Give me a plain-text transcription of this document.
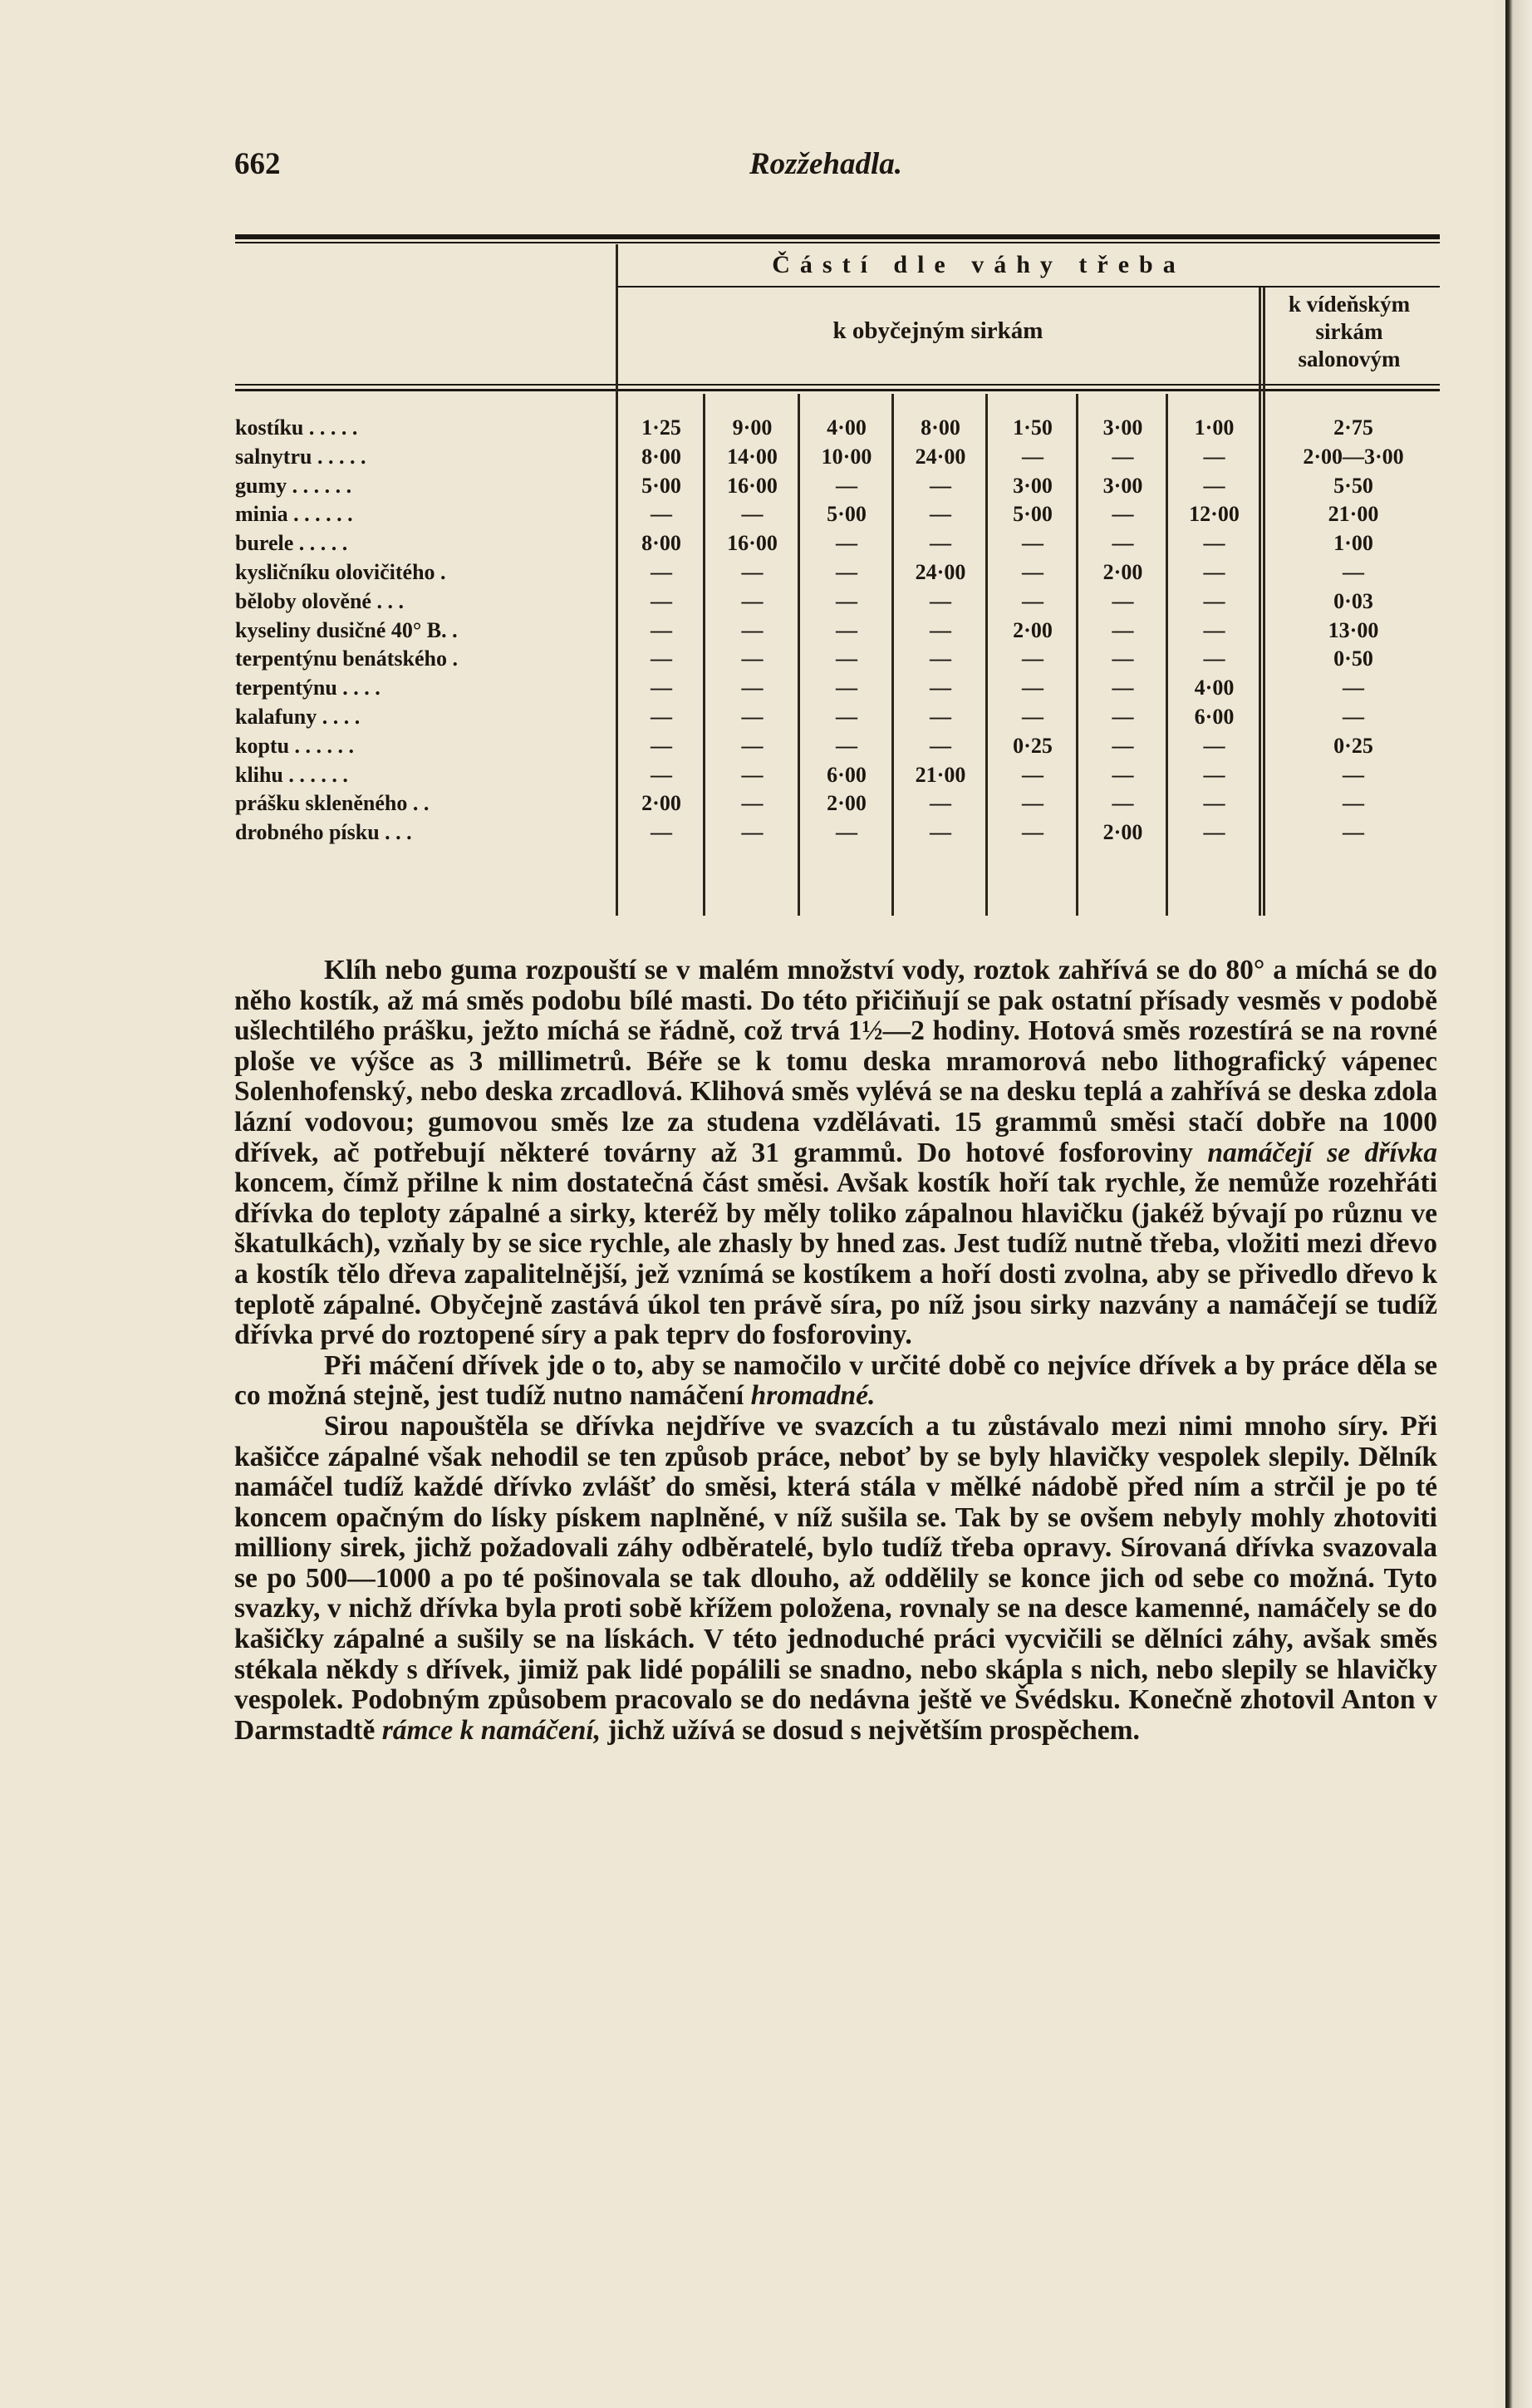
662	Rozžehadla.
Částí dle váhy třeba
k obyčejným sirkám
k vídeňským
sirkám
salonovým
kostíku . . . . .	1·25	9·00	4·00	8·00	1·50	3·00	1·00	2·75
salnytru . . . . .	8·00	14·00	10·00	24·00	—	—	—	2·00—3·00
gumy . . . . . .	5·00	16·00	—	—	3·00	3·00	—	5·50
minia . . . . . .	—	—	5·00	—	5·00	—	12·00	21·00
burele . . . . .	8·00	16·00	—	—	—	—	—	1·00
kysličníku olovičitého .	—	—	—	24·00	—	2·00	—	—
běloby olověné . . .	—	—	—	—	—	—	—	0·03
kyseliny dusičné 40° B. .	—	—	—	—	2·00	—	—	13·00
terpentýnu benátského .	—	—	—	—	—	—	—	0·50
terpentýnu . . . .	—	—	—	—	—	—	4·00	—
kalafuny . . . .	—	—	—	—	—	—	6·00	—
koptu . . . . . .	—	—	—	—	0·25	—	—	0·25
klihu . . . . . .	—	—	6·00	21·00	—	—	—	—
prášku skleněného . .	2·00	—	2·00	—	—	—	—	—
drobného písku . . .	—	—	—	—	—	2·00	—	—

Klíh nebo guma rozpouští se v malém množství vody, roztok zahřívá se do 80° a míchá se do něho kostík, až má směs podobu bílé masti. Do této přičiňují se pak ostatní přísady vesměs v podobě ušlechtilého prášku, ježto míchá se řádně, což trvá 1½—2 hodiny. Hotová směs rozestírá se na rovné ploše ve výšce as 3 millimetrů. Béře se k tomu deska mramorová nebo lithografický vápenec Solenhofenský, nebo deska zrcadlová. Klihová směs vylévá se na desku teplá a zahřívá se deska zdola lázní vodovou; gumovou směs lze za studena vzdělávati. 15 grammů směsi stačí dobře na 1000 dřívek, ač potřebují některé továrny až 31 grammů. Do hotové fosforoviny namáčejí se dřívka koncem, čímž přilne k nim dostatečná část směsi. Avšak kostík hoří tak rychle, že nemůže rozehřáti dřívka do teploty zápalné a sirky, kteréž by měly toliko zápalnou hlavičku (jakéž bývají po různu ve škatulkách), vzňaly by se sice rychle, ale zhasly by hned zas. Jest tudíž nutně třeba, vložiti mezi dřevo a kostík tělo dřeva zapalitelnější, jež vznímá se kostíkem a hoří dosti zvolna, aby se přivedlo dřevo k teplotě zápalné. Obyčejně zastává úkol ten právě síra, po níž jsou sirky nazvány a namáčejí se tudíž dřívka prvé do roztopené síry a pak teprv do fosforoviny.

Při máčení dřívek jde o to, aby se namočilo v určité době co nejvíce dřívek a by práce děla se co možná stejně, jest tudíž nutno namáčení hromadné.

Sirou napouštěla se dřívka nejdříve ve svazcích a tu zůstávalo mezi nimi mnoho síry. Při kašičce zápalné však nehodil se ten způsob práce, neboť by se byly hlavičky vespolek slepily. Dělník namáčel tudíž každé dřívko zvlášť do směsi, která stála v mělké nádobě před ním a strčil je po té koncem opačným do lísky pískem naplněné, v níž sušila se. Tak by se ovšem nebyly mohly zhotoviti milliony sirek, jichž požadovali záhy odběratelé, bylo tudíž třeba opravy. Sírovaná dřívka svazovala se po 500—1000 a po té pošinovala se tak dlouho, až oddělily se konce jich od sebe co možná. Tyto svazky, v nichž dřívka byla proti sobě křížem položena, rovnaly se na desce kamenné, namáčely se do kašičky zápalné a sušily se na lískách. V této jednoduché práci vycvičili se dělníci záhy, avšak směs stékala někdy s dřívek, jimiž pak lidé popálili se snadno, nebo skápla s nich, nebo slepily se hlavičky vespolek. Podobným způsobem pracovalo se do nedávna ještě ve Švédsku. Konečně zhotovil Anton v Darmstadtě rámce k namáčení, jichž užívá se dosud s největším prospěchem.
